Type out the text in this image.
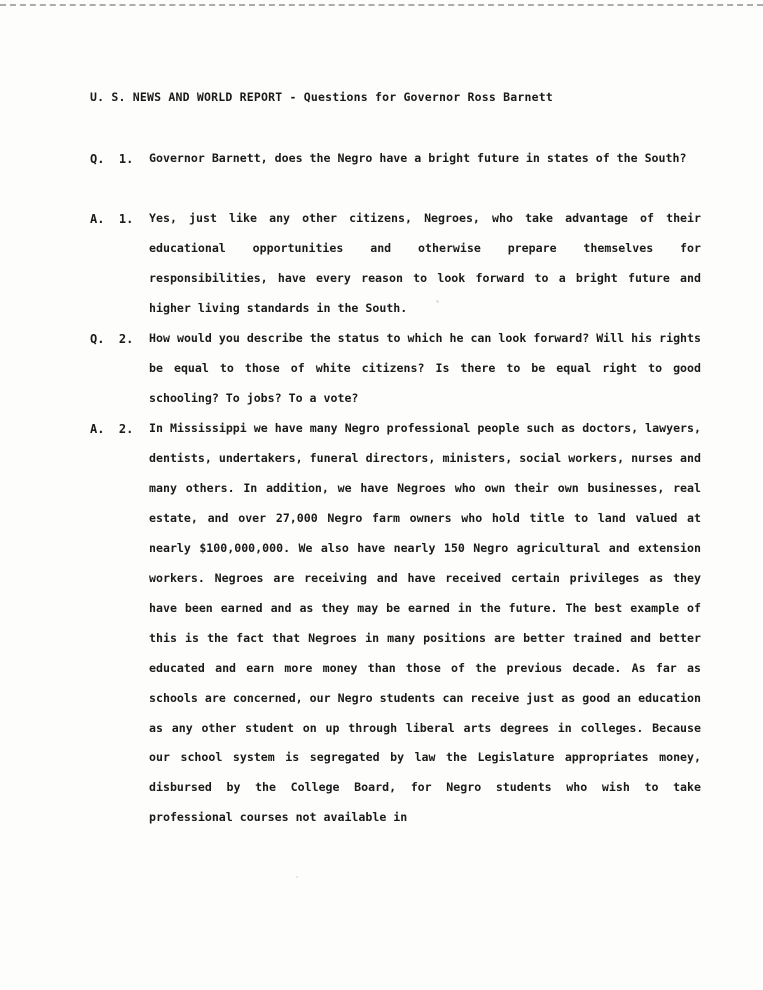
U. S. NEWS AND WORLD REPORT - Questions for Governor Ross Barnett
Q.  1.	Governor Barnett, does the Negro have a bright future in states of the South?
A.  1.	Yes, just like any other citizens, Negroes, who take advantage of their educational opportunities and otherwise prepare themselves for responsibilities, have every reason to look forward to a bright future and higher living standards in the South.
Q.  2.	How would you describe the status to which he can look forward? Will his rights be equal to those of white citizens? Is there to be equal right to good schooling? To jobs? To a vote?
A.  2.	In Mississippi we have many Negro professional people such as doctors, lawyers, dentists, undertakers, funeral directors, ministers, social workers, nurses and many others. In addition, we have Negroes who own their own businesses, real estate, and over 27,000 Negro farm owners who hold title to land valued at nearly $100,000,000. We also have nearly 150 Negro agricultural and extension workers. Negroes are receiving and have received certain privileges as they have been earned and as they may be earned in the future. The best example of this is the fact that Negroes in many positions are better trained and better educated and earn more money than those of the previous decade. As far as schools are concerned, our Negro students can receive just as good an education as any other student on up through liberal arts degrees in colleges. Because our school system is segregated by law the Legislature appropriates money, disbursed by the College Board, for Negro students who wish to take professional courses not available in
